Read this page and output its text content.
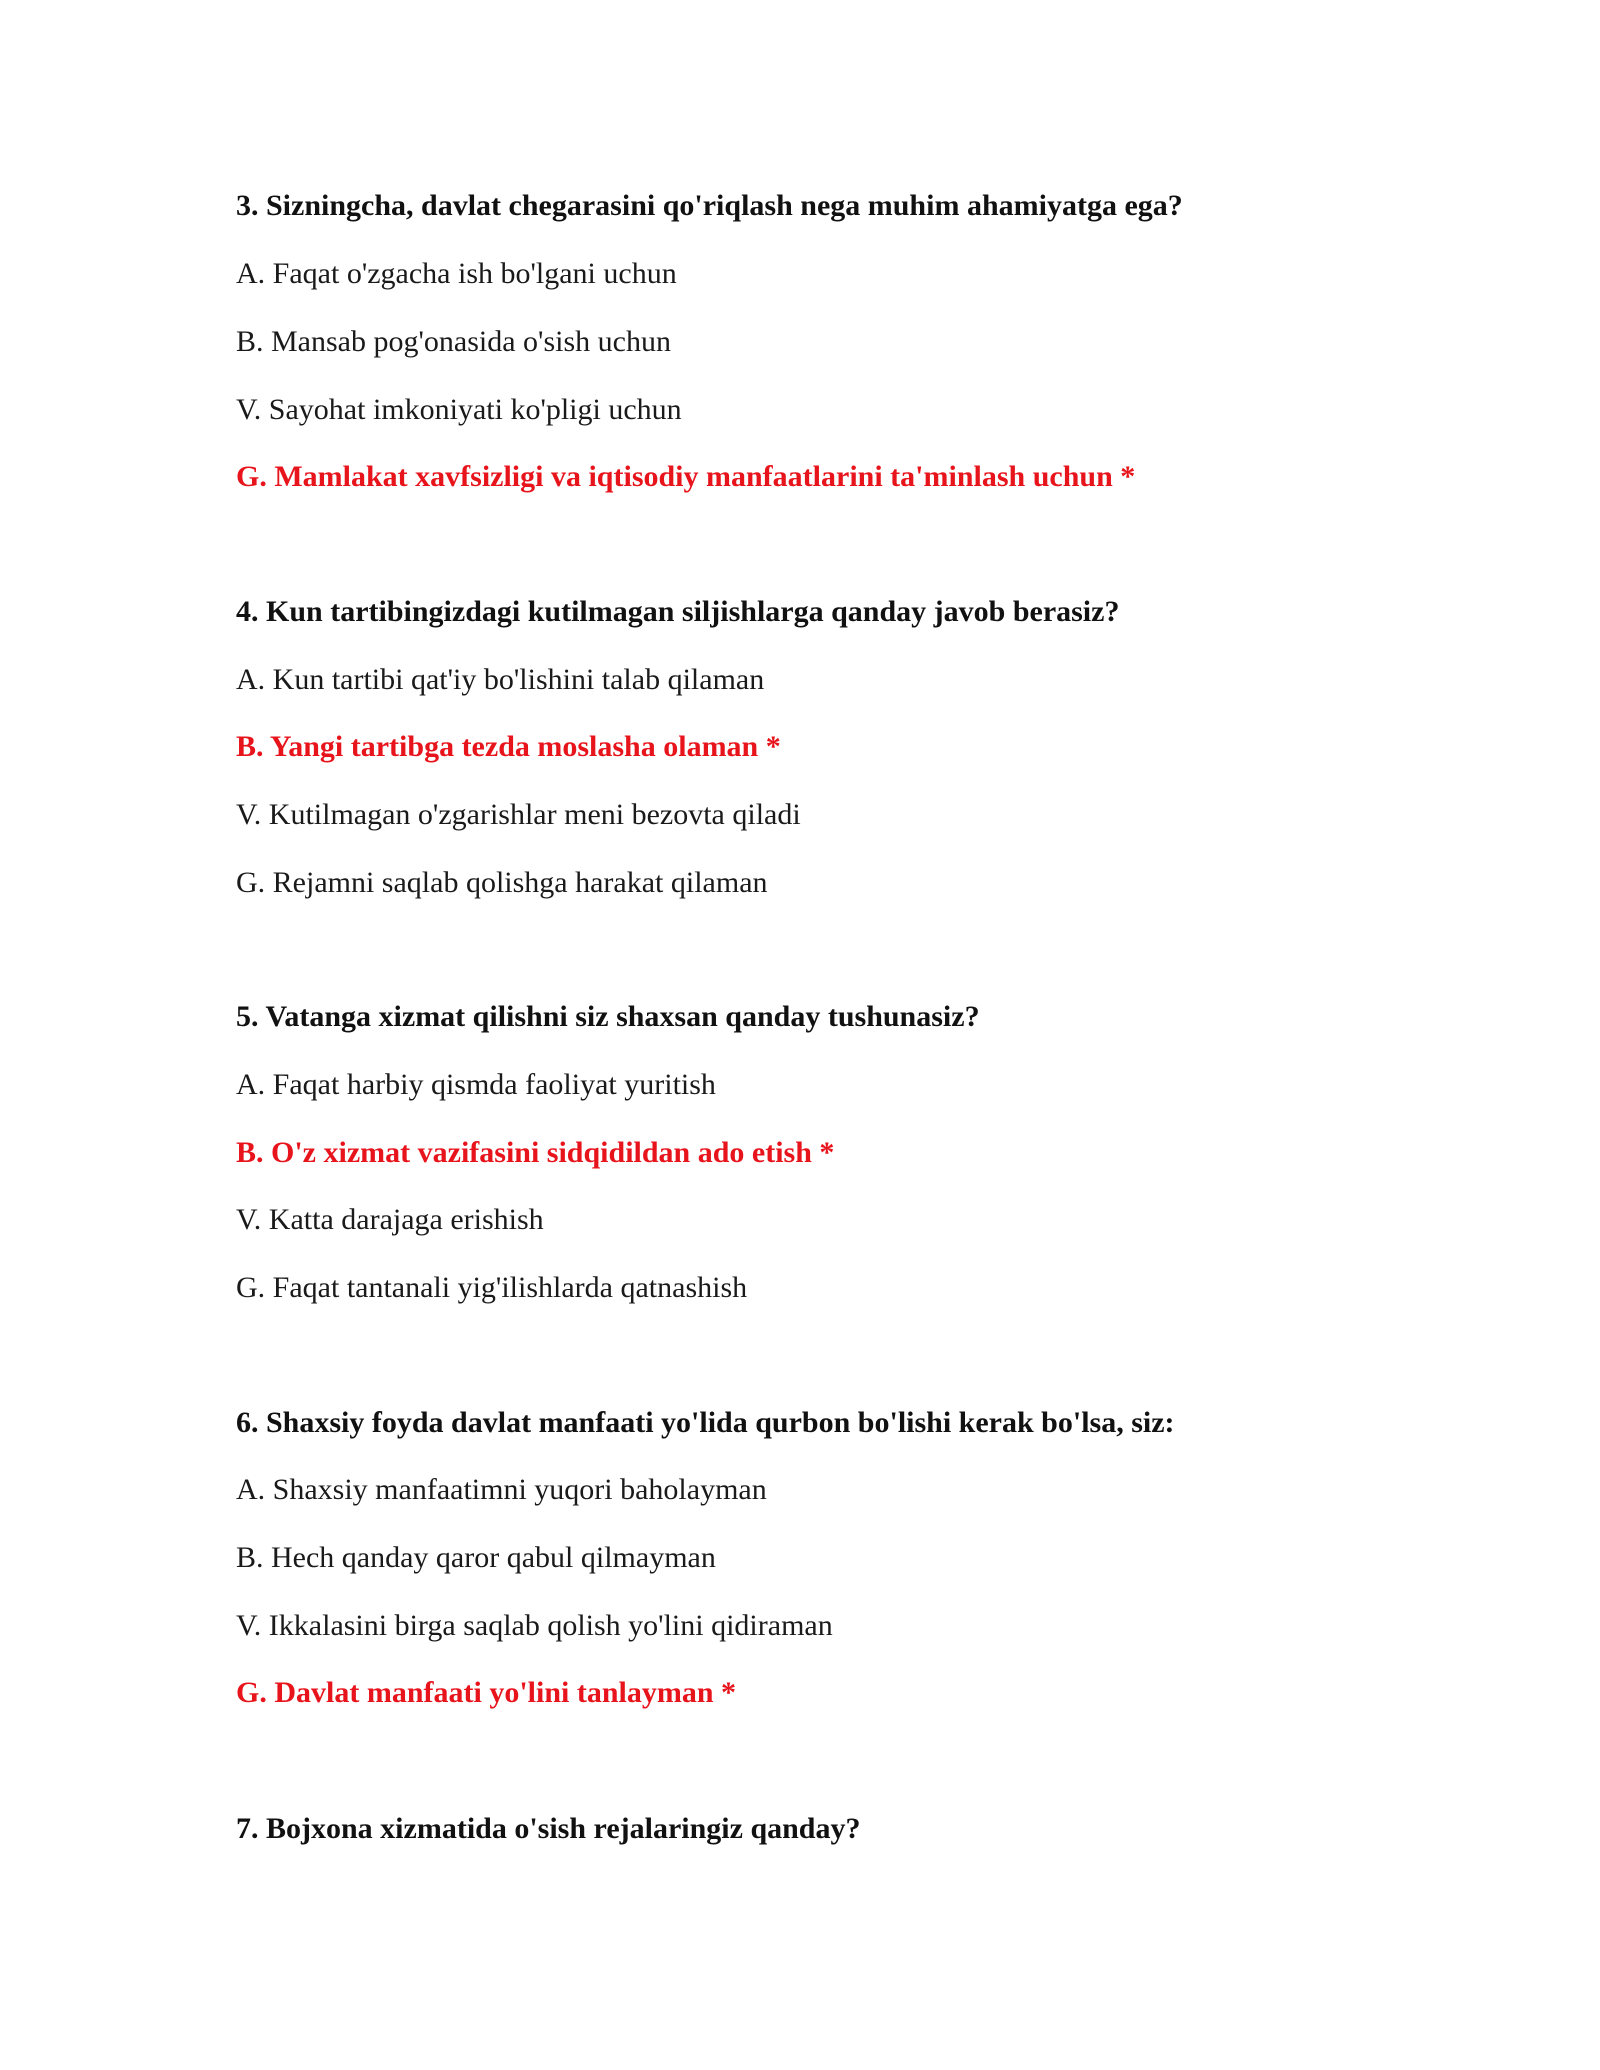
3. Sizningcha, davlat chegarasini qo'riqlash nega muhim ahamiyatga ega?
A. Faqat o'zgacha ish bo'lgani uchun
B. Mansab pog'onasida o'sish uchun
V. Sayohat imkoniyati ko'pligi uchun
G. Mamlakat xavfsizligi va iqtisodiy manfaatlarini ta'minlash uchun *
4. Kun tartibingizdagi kutilmagan siljishlarga qanday javob berasiz?
A. Kun tartibi qat'iy bo'lishini talab qilaman
B. Yangi tartibga tezda moslasha olaman *
V. Kutilmagan o'zgarishlar meni bezovta qiladi
G. Rejamni saqlab qolishga harakat qilaman
5. Vatanga xizmat qilishni siz shaxsan qanday tushunasiz?
A. Faqat harbiy qismda faoliyat yuritish
B. O'z xizmat vazifasini sidqidildan ado etish *
V. Katta darajaga erishish
G. Faqat tantanali yig'ilishlarda qatnashish
6. Shaxsiy foyda davlat manfaati yo'lida qurbon bo'lishi kerak bo'lsa, siz:
A. Shaxsiy manfaatimni yuqori baholayman
B. Hech qanday qaror qabul qilmayman
V. Ikkalasini birga saqlab qolish yo'lini qidiraman
G. Davlat manfaati yo'lini tanlayman *
7. Bojxona xizmatida o'sish rejalaringiz qanday?
